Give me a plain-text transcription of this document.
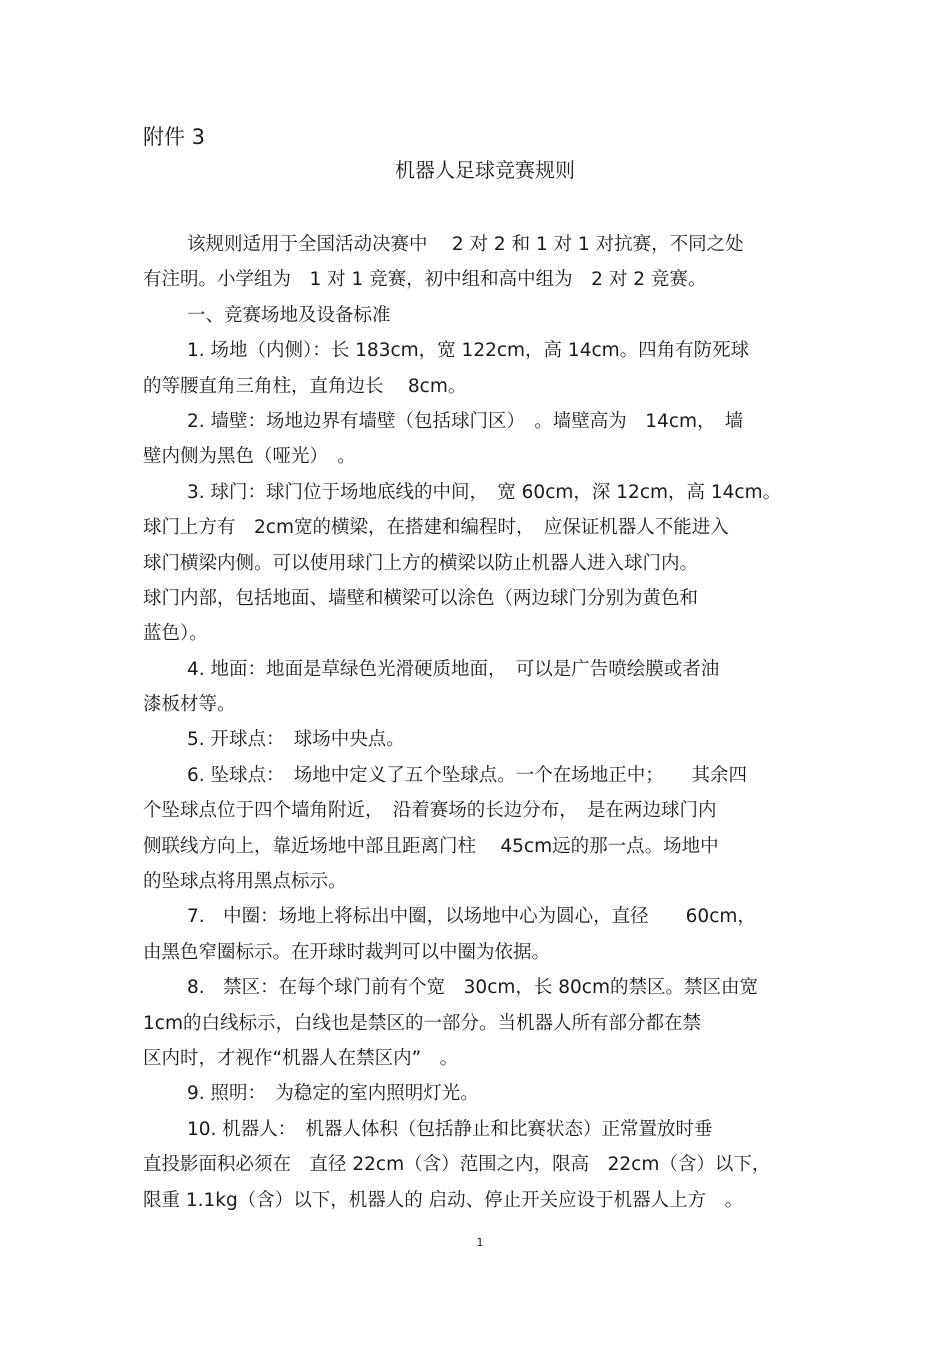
附件 3

机器人足球竞赛规则

该规则适用于全国活动决赛中　 2 对 2 和 1 对 1 对抗赛，不同之处

有注明。小学组为　1 对 1 竞赛，初中组和高中组为　2 对 2 竞赛。

一、竞赛场地及设备标准

1. 场地（内侧）：长 183cm，宽 122cm，高 14cm。四角有防死球

的等腰直角三角柱，直角边长　 8cm。

2. 墙壁：场地边界有墙壁（包括球门区）　。墙壁高为　14cm，　墙

壁内侧为黑色（哑光）　。

3. 球门：球门位于场地底线的中间，　宽 60cm，深 12cm，高 14cm。

球门上方有　2cm宽的横梁，在搭建和编程时，　应保证机器人不能进入

球门横梁内侧。可以使用球门上方的横梁以防止机器人进入球门内。

球门内部，包括地面、墙壁和横梁可以涂色（两边球门分别为黄色和

蓝色）。

4. 地面：地面是草绿色光滑硬质地面，　可以是广告喷绘膜或者油

漆板材等。

5. 开球点：　球场中央点。

6. 坠球点：　场地中定义了五个坠球点。一个在场地正中；　　其余四

个坠球点位于四个墙角附近，　沿着赛场的长边分布，　是在两边球门内

侧联线方向上，靠近场地中部且距离门柱　 45cm远的那一点。场地中

的坠球点将用黑点标示。

7.　中圈：场地上将标出中圈，以场地中心为圆心，直径　　60cm，

由黑色窄圈标示。在开球时裁判可以中圈为依据。

8.　禁区：在每个球门前有个宽　30cm，长 80cm的禁区。禁区由宽

1cm的白线标示，白线也是禁区的一部分。当机器人所有部分都在禁

区内时，才视作“机器人在禁区内”　。

9. 照明：　为稳定的室内照明灯光。

10. 机器人：　机器人体积（包括静止和比赛状态）正常置放时垂

直投影面积必须在　直径 22cm（含）范围之内，限高　22cm（含）以下，

限重 1.1kg（含）以下，机器人的 启动、停止开关应设于机器人上方　。

1
